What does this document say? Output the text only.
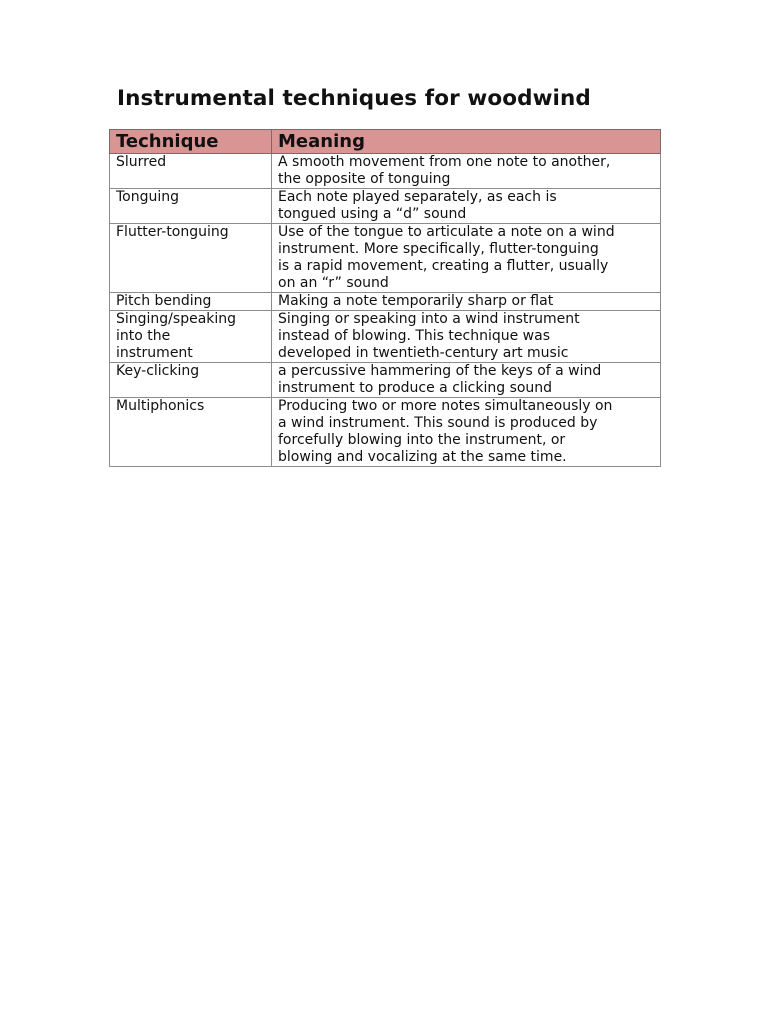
Instrumental techniques for woodwind
Technique	Meaning

Slurred	A smooth movement from one note to another,
the opposite of tonguing

Tonguing	Each note played separately, as each is
tongued using a “d” sound

Flutter-tonguing	Use of the tongue to articulate a note on a wind
instrument. More specifically, flutter-tonguing
is a rapid movement, creating a flutter, usually
on an “r” sound

Pitch bending	Making a note temporarily sharp or flat

Singing/speaking
into the
instrument	Singing or speaking into a wind instrument
instead of blowing. This technique was
developed in twentieth-century art music

Key-clicking	a percussive hammering of the keys of a wind
instrument to produce a clicking sound

Multiphonics	Producing two or more notes simultaneously on
a wind instrument. This sound is produced by
forcefully blowing into the instrument, or
blowing and vocalizing at the same time.
